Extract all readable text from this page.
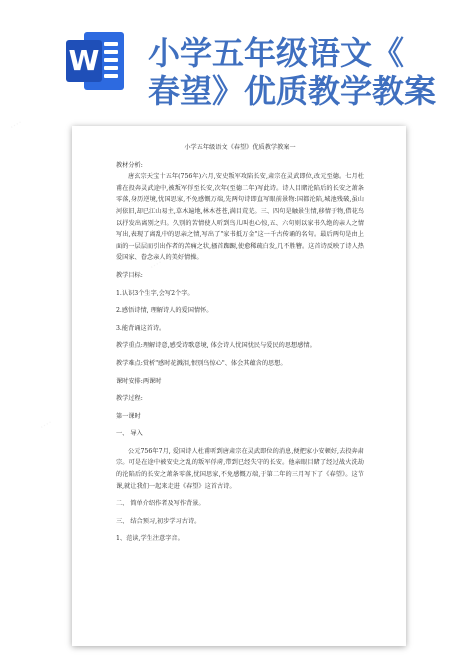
W 小学五年级语文《
春望》优质教学教案

小学五年级语文《春望》优质教学教案一

教材分析:

唐玄宗天宝十五年(756年)六月,安史叛军攻陷长安,肃宗在灵武即位,改元至德。七月杜甫在投奔灵武途中,被叛军俘至长安,次年(至德二年)写此诗。诗人目睹沦陷后的长安之萧条零落,身历逆境,忧国思家,不免感慨万端,先两句诗即直写眼前景物:国都沦陷,城池残破,虽山河依旧,却已江山易主,草木遍地,林木苍苍,满目荒芜。三、四句是触景生情,移情于物,借花鸟以抒发出离别之归。久别的苦情使人听到鸟儿叫也心惊,五、六句则以家书久绝的亲人之情写出,表现了离乱中的思亲之情,写出了"家书抵万金"这一千古传诵的名句。最后两句是由上面的一层层而引出作者的苦痛之状,搔首踟蹰,使愈稀疏白发,几不胜簪。这首诗反映了诗人热爱国家、眷念亲人的美好情操。

教学目标:

1.认识3个生字,会写2个字。

2.感悟诗情, 理解诗人的爱国情怀。

3.能背诵这首诗。

教学重点:理解诗意,感受诗歌意境, 体会诗人忧国忧民与爱民的思想感情。

教学难点:赏析"感时花溅泪,恨别鸟惊心"、体会其蕴含的思想。

课时安排:两课时

教学过程:

第一课时

一、 导入

公元756年7月, 爱国诗人杜甫听到唐肃宗在灵武即位的消息,便把家小安顿好,去投奔肃宗。可是在途中被安史之乱的叛军俘虏,带到已经失守的长安。他亲眼目睹了经过战火洗劫的沦陷后的长安之萧条零落,忧国思家,不免感慨万端,于第二年的三月写下了《春望》。这节课,就让我们一起来走进《春望》这首古诗。

二、 简单介绍作者及写作背景。

三、 结合预习,初步学习古诗。

1、范读,学生注意字音。

····
····
